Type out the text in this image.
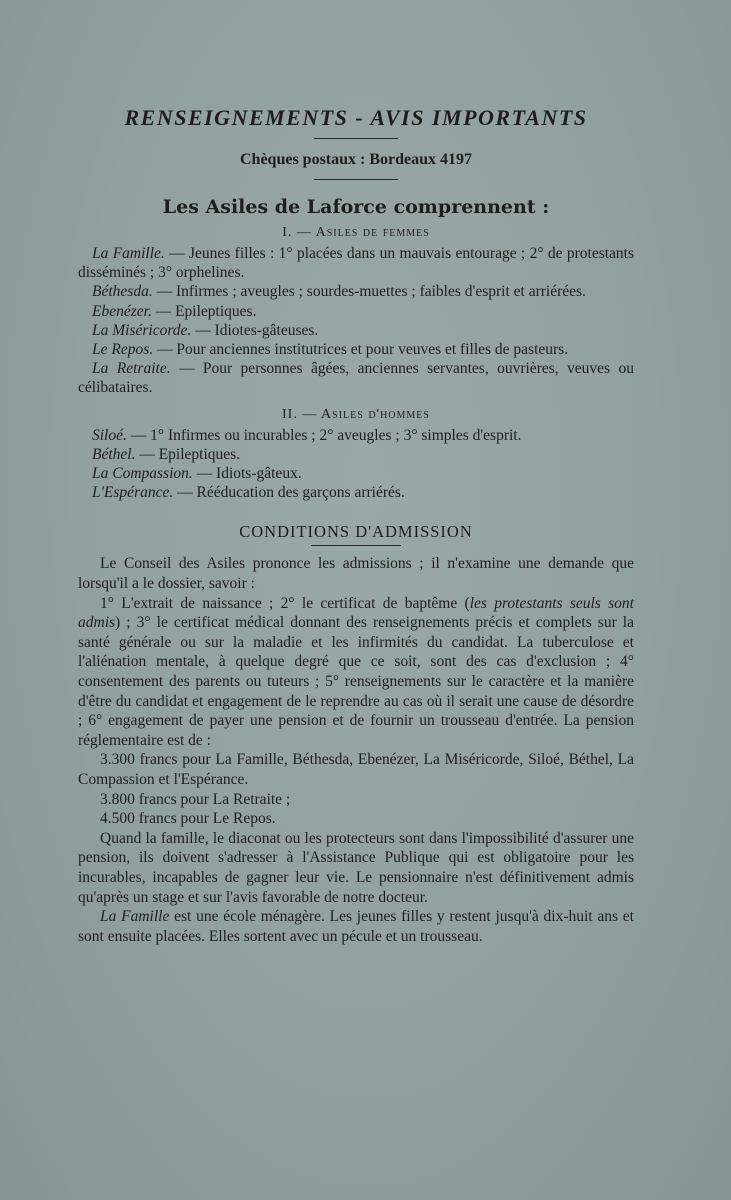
RENSEIGNEMENTS - AVIS IMPORTANTS
Chèques postaux : Bordeaux 4197
Les Asiles de Laforce comprennent :
I. — Asiles de femmes

La Famille. — Jeunes filles : 1° placées dans un mauvais entourage ; 2° de protestants disséminés ; 3° orphelines.

Béthesda. — Infirmes ; aveugles ; sourdes-muettes ; faibles d'esprit et arriérées.

Ebenézer. — Epileptiques.

La Miséricorde. — Idiotes-gâteuses.

Le Repos. — Pour anciennes institutrices et pour veuves et filles de pasteurs.

La Retraite. — Pour personnes âgées, anciennes servantes, ouvrières, veuves ou célibataires.

II. — Asiles d'hommes

Siloé. — 1° Infirmes ou incurables ; 2° aveugles ; 3° simples d'esprit.

Béthel. — Epileptiques.

La Compassion. — Idiots-gâteux.

L'Espérance. — Rééducation des garçons arriérés.

CONDITIONS D'ADMISSION

Le Conseil des Asiles prononce les admissions ; il n'examine une demande que lorsqu'il a le dossier, savoir :

1° L'extrait de naissance ; 2° le certificat de baptême (les protestants seuls sont admis) ; 3° le certificat médical donnant des renseignements précis et complets sur la santé générale ou sur la maladie et les infirmités du candidat. La tuberculose et l'aliénation mentale, à quelque degré que ce soit, sont des cas d'exclusion ; 4° consentement des parents ou tuteurs ; 5° renseignements sur le caractère et la manière d'être du candidat et engagement de le reprendre au cas où il serait une cause de désordre ; 6° engagement de payer une pension et de fournir un trousseau d'entrée. La pension réglementaire est de :

3.300 francs pour La Famille, Béthesda, Ebenézer, La Miséricorde, Siloé, Béthel, La Compassion et l'Espérance.

3.800 francs pour La Retraite ;

4.500 francs pour Le Repos.

Quand la famille, le diaconat ou les protecteurs sont dans l'impossibilité d'assurer une pension, ils doivent s'adresser à l'Assistance Publique qui est obligatoire pour les incurables, incapables de gagner leur vie. Le pensionnaire n'est définitivement admis qu'après un stage et sur l'avis favorable de notre docteur.

La Famille est une école ménagère. Les jeunes filles y restent jusqu'à dix-huit ans et sont ensuite placées. Elles sortent avec un pécule et un trousseau.
